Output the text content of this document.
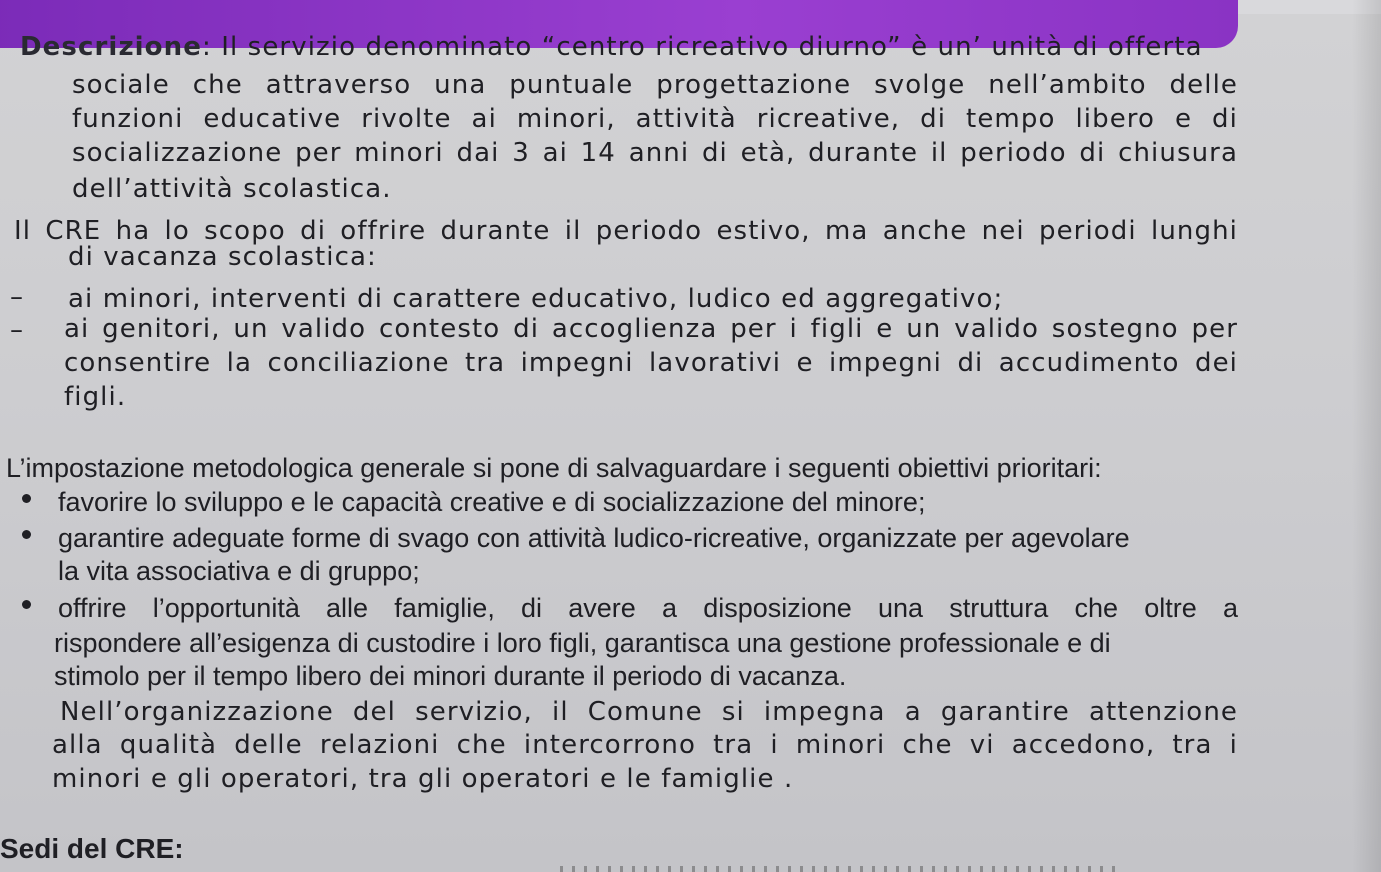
Descrizione: Il servizio denominato “centro ricreativo diurno” è un’ unità di offerta

sociale che attraverso una puntuale progettazione svolge nell’ambito delle

funzioni educative rivolte ai minori, attività ricreative, di tempo libero e di

socializzazione per minori dai 3 ai 14 anni di età, durante il periodo di chiusura

dell’attività scolastica.

Il CRE ha lo scopo di offrire durante il periodo estivo, ma anche nei periodi lunghi

di vacanza scolastica:

– ai minori, interventi di carattere educativo, ludico ed aggregativo;

– ai genitori, un valido contesto di accoglienza per i figli e un valido sostegno per

consentire la conciliazione tra impegni lavorativi e impegni di accudimento dei

figli.

L’impostazione metodologica generale si pone di salvaguardare i seguenti obiettivi prioritari:

favorire lo sviluppo e le capacità creative e di socializzazione del minore;

garantire adeguate forme di svago con attività ludico-ricreative, organizzate per agevolare

la vita associativa e di gruppo;

offrire l’opportunità alle famiglie, di avere a disposizione una struttura che oltre a

rispondere all’esigenza di custodire i loro figli, garantisca una gestione professionale e di

stimolo per il tempo libero dei minori durante il periodo di vacanza.

Nell’organizzazione del servizio, il Comune si impegna a garantire attenzione

alla qualità delle relazioni che intercorrono tra i minori che vi accedono, tra i

minori e gli operatori, tra gli operatori e le famiglie .

Sedi del CRE:
